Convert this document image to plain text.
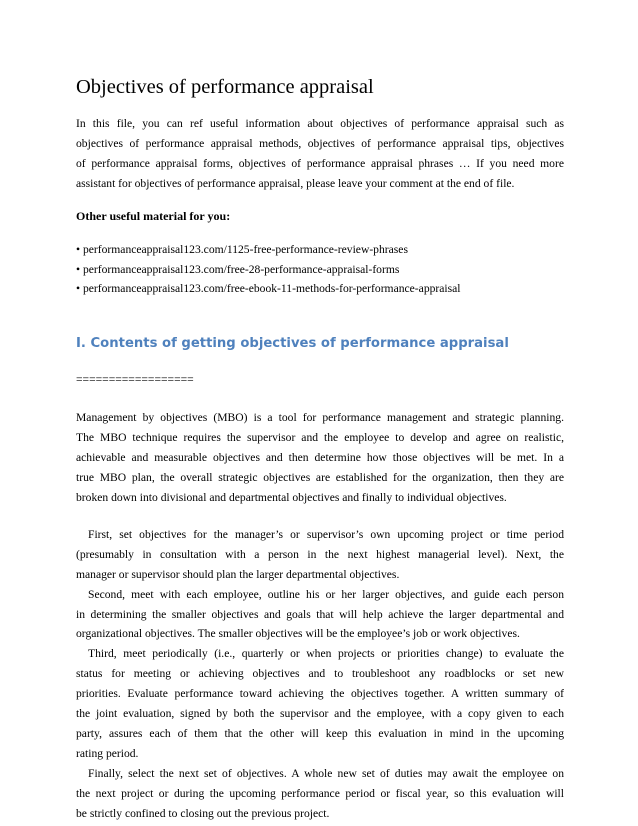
Objectives of performance appraisal
In this file, you can ref useful information about objectives of performance appraisal such as
objectives of performance appraisal methods, objectives of performance appraisal tips, objectives
of performance appraisal forms, objectives of performance appraisal phrases … If you need more
assistant for objectives of performance appraisal, please leave your comment at the end of file.
Other useful material for you:
• performanceappraisal123.com/1125-free-performance-review-phrases
• performanceappraisal123.com/free-28-performance-appraisal-forms
• performanceappraisal123.com/free-ebook-11-methods-for-performance-appraisal
I. Contents of getting objectives of performance appraisal
==================
Management by objectives (MBO) is a tool for performance management and strategic planning.
The MBO technique requires the supervisor and the employee to develop and agree on realistic,
achievable and measurable objectives and then determine how those objectives will be met. In a
true MBO plan, the overall strategic objectives are established for the organization, then they are
broken down into divisional and departmental objectives and finally to individual objectives.
First, set objectives for the manager’s or supervisor’s own upcoming project or time period
(presumably in consultation with a person in the next highest managerial level). Next, the
manager or supervisor should plan the larger departmental objectives.
Second, meet with each employee, outline his or her larger objectives, and guide each person
in determining the smaller objectives and goals that will help achieve the larger departmental and
organizational objectives. The smaller objectives will be the employee’s job or work objectives.
Third, meet periodically (i.e., quarterly or when projects or priorities change) to evaluate the
status for meeting or achieving objectives and to troubleshoot any roadblocks or set new
priorities. Evaluate performance toward achieving the objectives together. A written summary of
the joint evaluation, signed by both the supervisor and the employee, with a copy given to each
party, assures each of them that the other will keep this evaluation in mind in the upcoming
rating period.
Finally, select the next set of objectives. A whole new set of duties may await the employee on
the next project or during the upcoming performance period or fiscal year, so this evaluation will
be strictly confined to closing out the previous project.
